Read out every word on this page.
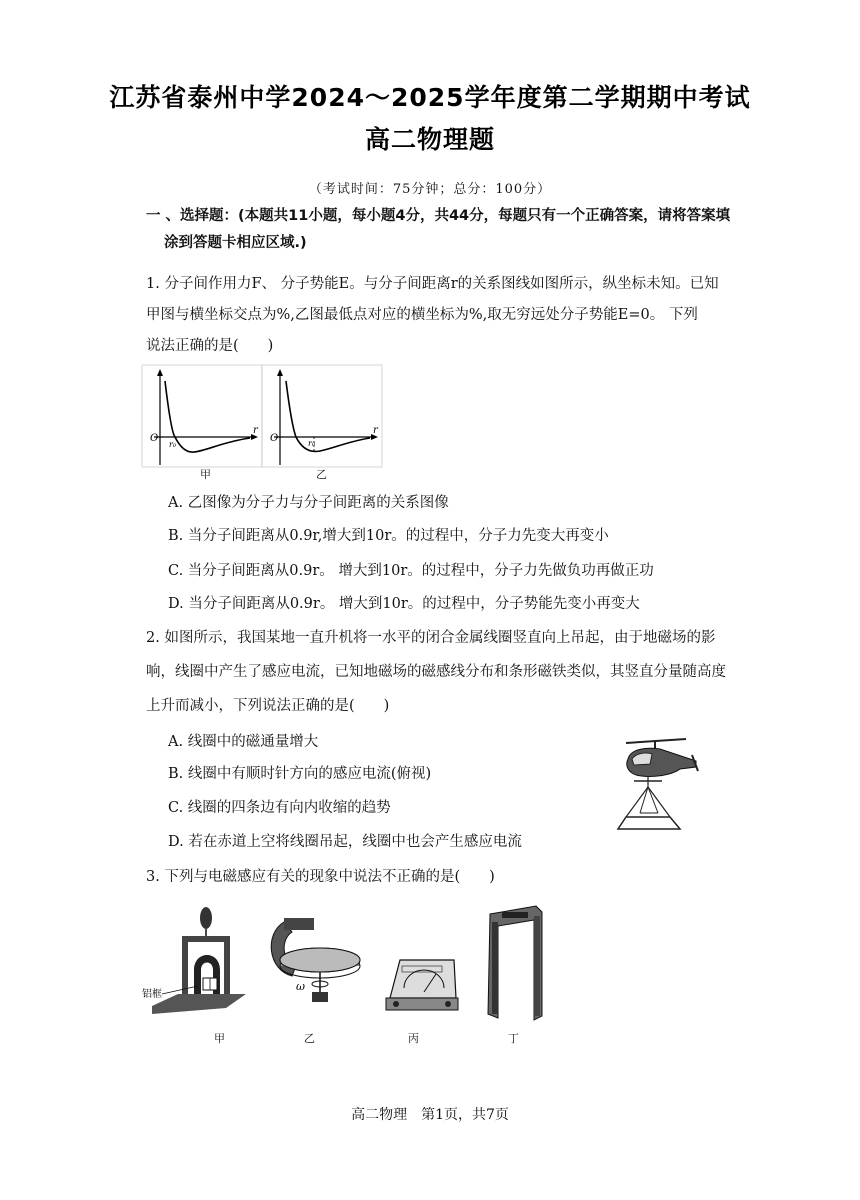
江苏省泰州中学2024～2025学年度第二学期期中考试
高二物理题
（考试时间：75分钟；总分：100分）
一 、选择题：(本题共11小题，每小题4分，共44分，每题只有一个正确答案，请将答案填
涂到答题卡相应区域.)
1. 分子间作用力F、 分子势能E。与分子间距离r的关系图线如图所示，纵坐标未知。已知
甲图与横坐标交点为%,乙图最低点对应的横坐标为%,取无穷远处分子势能E=0。 下列
说法正确的是(　　)
O
r₀
r
甲
O	r₀
r
乙
A. 乙图像为分子力与分子间距离的关系图像
B. 当分子间距离从0.9r,增大到10r。的过程中，分子力先变大再变小
C. 当分子间距离从0.9r。 增大到10r。的过程中，分子力先做负功再做正功
D. 当分子间距离从0.9r。 增大到10r。的过程中，分子势能先变小再变大
2. 如图所示，我国某地一直升机将一水平的闭合金属线圈竖直向上吊起，由于地磁场的影
响，线圈中产生了感应电流，已知地磁场的磁感线分布和条形磁铁类似，其竖直分量随高度
上升而减小，下列说法正确的是(　　)
A. 线圈中的磁通量增大
B. 线圈中有顺时针方向的感应电流(俯视)
C. 线圈的四条边有向内收缩的趋势
D. 若在赤道上空将线圈吊起，线圈中也会产生感应电流
3. 下列与电磁感应有关的现象中说法不正确的是(　　)
铝框
甲
ω
乙	丙	丁
高二物理　第1页，共7页
